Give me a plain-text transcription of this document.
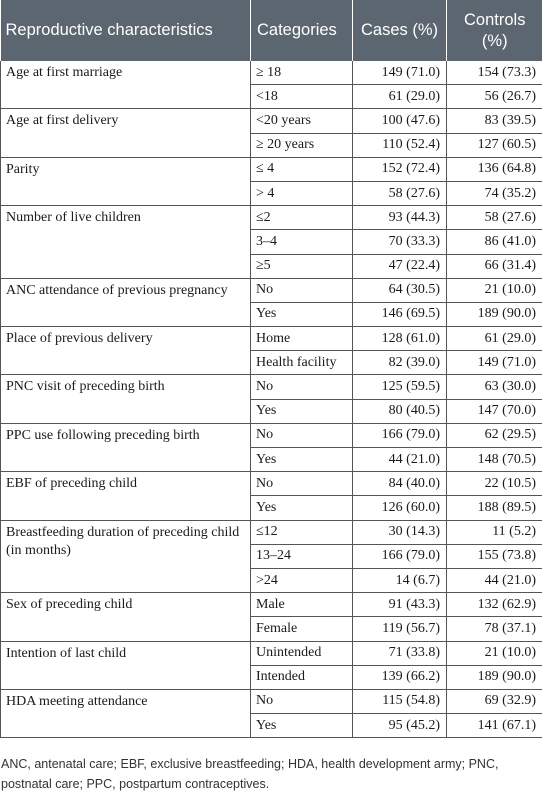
Reproductive characteristics	Categories	Cases (%)	Controls (%)
Age at first marriage	≥ 18	149 (71.0)	154 (73.3)
	<18	61 (29.0)	56 (26.7)
Age at first delivery	<20 years	100 (47.6)	83 (39.5)
	≥ 20 years	110 (52.4)	127 (60.5)
Parity	≤ 4	152 (72.4)	136 (64.8)
	> 4	58 (27.6)	74 (35.2)
Number of live children	≤2	93 (44.3)	58 (27.6)
	3–4	70 (33.3)	86 (41.0)
	≥5	47 (22.4)	66 (31.4)
ANC attendance of previous pregnancy	No	64 (30.5)	21 (10.0)
	Yes	146 (69.5)	189 (90.0)
Place of previous delivery	Home	128 (61.0)	61 (29.0)
	Health facility	82 (39.0)	149 (71.0)
PNC visit of preceding birth	No	125 (59.5)	63 (30.0)
	Yes	80 (40.5)	147 (70.0)
PPC use following preceding birth	No	166 (79.0)	62 (29.5)
	Yes	44 (21.0)	148 (70.5)
EBF of preceding child	No	84 (40.0)	22 (10.5)
	Yes	126 (60.0)	188 (89.5)
Breastfeeding duration of preceding child (in months)	≤12	30 (14.3)	11 (5.2)
	13–24	166 (79.0)	155 (73.8)
	>24	14 (6.7)	44 (21.0)
Sex of preceding child	Male	91 (43.3)	132 (62.9)
	Female	119 (56.7)	78 (37.1)
Intention of last child	Unintended	71 (33.8)	21 (10.0)
	Intended	139 (66.2)	189 (90.0)
HDA meeting attendance	No	115 (54.8)	69 (32.9)
	Yes	95 (45.2)	141 (67.1)
ANC, antenatal care; EBF, exclusive breastfeeding; HDA, health development army; PNC, postnatal care; PPC, postpartum contraceptives.
